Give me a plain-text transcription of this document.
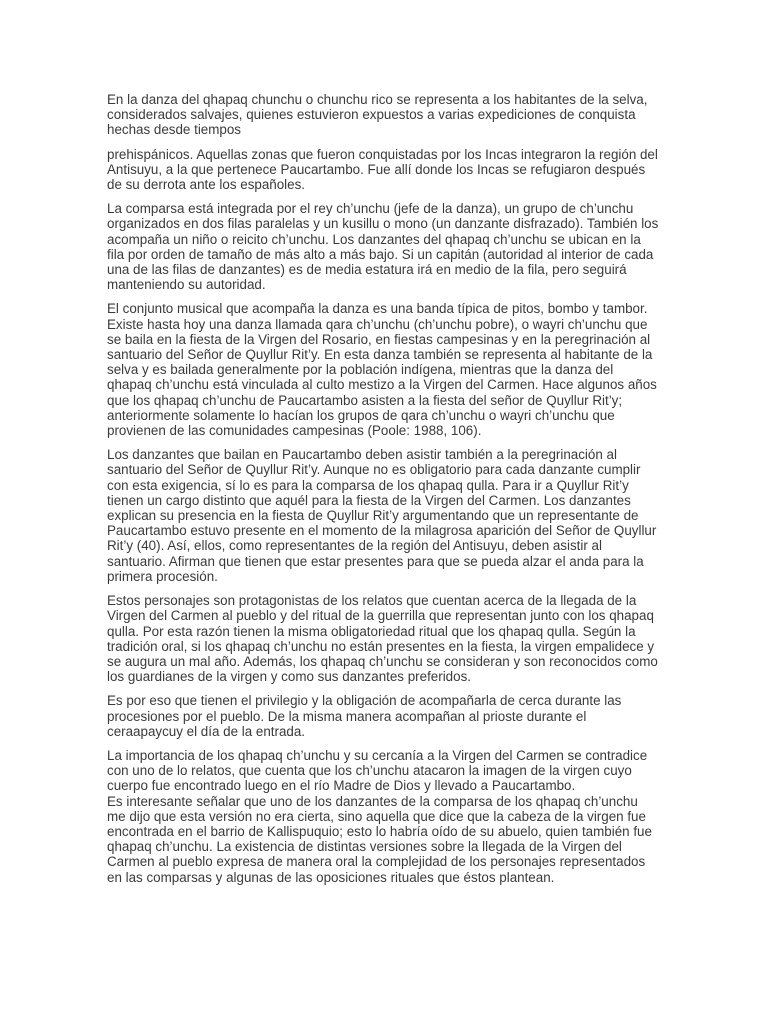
En la danza del qhapaq chunchu o chunchu rico se representa a los habitantes de la selva, considerados salvajes, quienes estuvieron expuestos a varias expediciones de conquista hechas desde tiempos

prehispánicos. Aquellas zonas que fueron conquistadas por los Incas integraron la región del Antisuyu, a la que pertenece Paucartambo. Fue allí donde los Incas se refugiaron después de su derrota ante los españoles.

La comparsa está integrada por el rey ch’unchu (jefe de la danza), un grupo de ch’unchu organizados en dos filas paralelas y un kusillu o mono (un danzante disfrazado). También los acompaña un niño o reicito ch’unchu. Los danzantes del qhapaq ch’unchu se ubican en la fila por orden de tamaño de más alto a más bajo. Si un capitán (autoridad al interior de cada una de las filas de danzantes) es de media estatura irá en medio de la fila, pero seguirá manteniendo su autoridad.

El conjunto musical que acompaña la danza es una banda típica de pitos, bombo y tambor. Existe hasta hoy una danza llamada qara ch’unchu (ch’unchu pobre), o wayri ch’unchu que se baila en la fiesta de la Virgen del Rosario, en fiestas campesinas y en la peregrinación al santuario del Señor de Quyllur Rit’y. En esta danza también se representa al habitante de la selva y es bailada generalmente por la población indígena, mientras que la danza del qhapaq ch’unchu está vinculada al culto mestizo a la Virgen del Carmen. Hace algunos años que los qhapaq ch’unchu de Paucartambo asisten a la fiesta del señor de Quyllur Rit’y; anteriormente solamente lo hacían los grupos de qara ch’unchu o wayri ch’unchu que provienen de las comunidades campesinas (Poole: 1988, 106).

Los danzantes que bailan en Paucartambo deben asistir también a la peregrinación al santuario del Señor de Quyllur Rit’y. Aunque no es obligatorio para cada danzante cumplir con esta exigencia, sí lo es para la comparsa de los qhapaq qulla. Para ir a Quyllur Rit’y tienen un cargo distinto que aquél para la fiesta de la Virgen del Carmen. Los danzantes explican su presencia en la fiesta de Quyllur Rit’y argumentando que un representante de Paucartambo estuvo presente en el momento de la milagrosa aparición del Señor de Quyllur Rit’y (40). Así, ellos, como representantes de la región del Antisuyu, deben asistir al santuario. Afirman que tienen que estar presentes para que se pueda alzar el anda para la primera procesión.

Estos personajes son protagonistas de los relatos que cuentan acerca de la llegada de la Virgen del Carmen al pueblo y del ritual de la guerrilla que representan junto con los qhapaq qulla. Por esta razón tienen la misma obligatoriedad ritual que los qhapaq qulla. Según la tradición oral, si los qhapaq ch’unchu no están presentes en la fiesta, la virgen empalidece y se augura un mal año. Además, los qhapaq ch’unchu se consideran y son reconocidos como los guardianes de la virgen y como sus danzantes preferidos.

Es por eso que tienen el privilegio y la obligación de acompañarla de cerca durante las procesiones por el pueblo. De la misma manera acompañan al prioste durante el ceraapaycuy el día de la entrada.

La importancia de los qhapaq ch’unchu y su cercanía a la Virgen del Carmen se contradice con uno de lo relatos, que cuenta que los ch’unchu atacaron la imagen de la virgen cuyo cuerpo fue encontrado luego en el río Madre de Dios y llevado a Paucartambo.

Es interesante señalar que uno de los danzantes de la comparsa de los qhapaq ch’unchu me dijo que esta versión no era cierta, sino aquella que dice que la cabeza de la virgen fue encontrada en el barrio de Kallispuquio; esto lo habría oído de su abuelo, quien también fue qhapaq ch’unchu. La existencia de distintas versiones sobre la llegada de la Virgen del Carmen al pueblo expresa de manera oral la complejidad de los personajes representados en las comparsas y algunas de las oposiciones rituales que éstos plantean.
